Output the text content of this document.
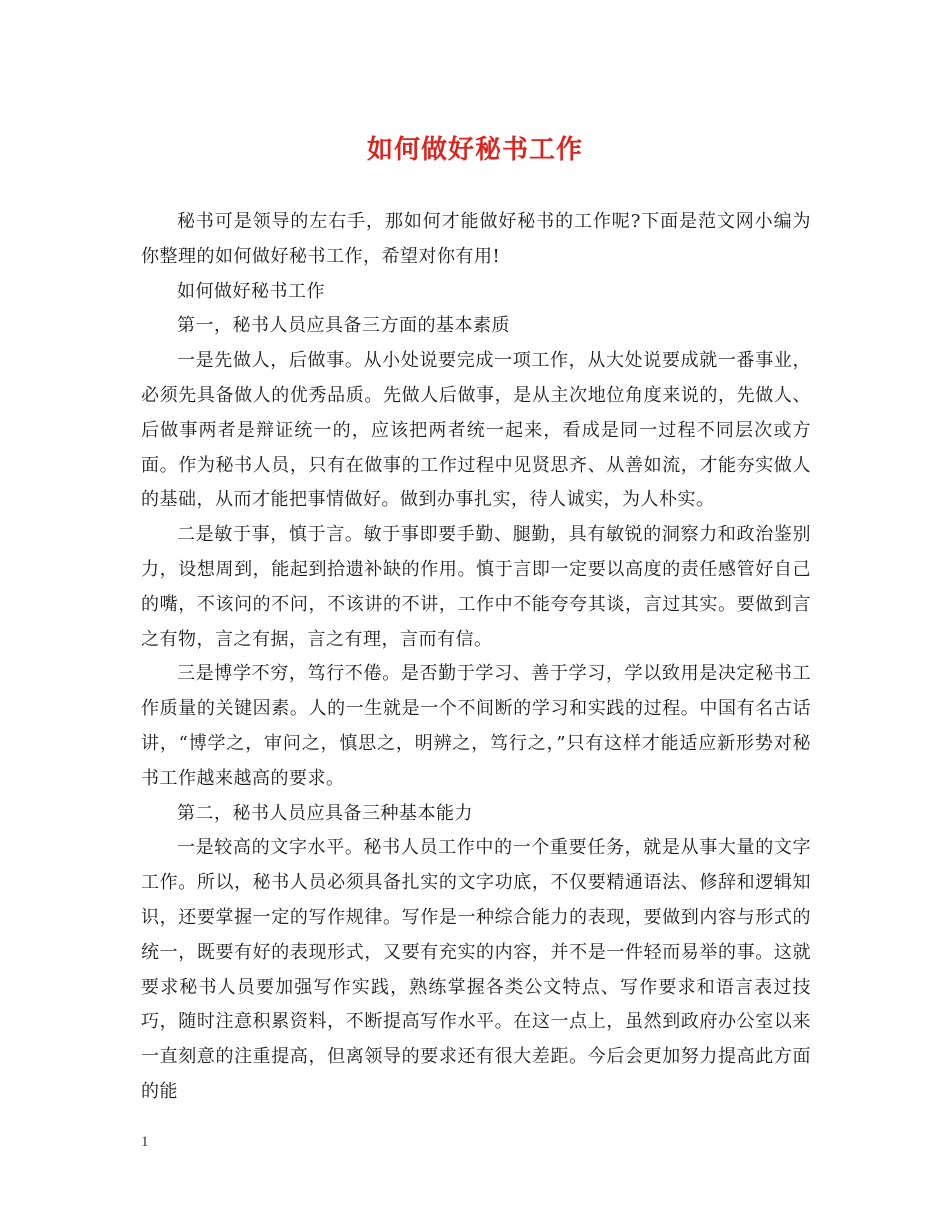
如何做好秘书工作

秘书可是领导的左右手，那如何才能做好秘书的工作呢?下面是范文网小编为你整理的如何做好秘书工作，希望对你有用!

如何做好秘书工作

第一，秘书人员应具备三方面的基本素质

一是先做人，后做事。从小处说要完成一项工作，从大处说要成就一番事业，必须先具备做人的优秀品质。先做人后做事，是从主次地位角度来说的，先做人、后做事两者是辩证统一的，应该把两者统一起来，看成是同一过程不同层次或方面。作为秘书人员，只有在做事的工作过程中见贤思齐、从善如流，才能夯实做人的基础，从而才能把事情做好。做到办事扎实，待人诚实，为人朴实。

二是敏于事，慎于言。敏于事即要手勤、腿勤，具有敏锐的洞察力和政治鉴别力，设想周到，能起到拾遗补缺的作用。慎于言即一定要以高度的责任感管好自己的嘴，不该问的不问，不该讲的不讲，工作中不能夸夸其谈，言过其实。要做到言之有物，言之有据，言之有理，言而有信。

三是博学不穷，笃行不倦。是否勤于学习、善于学习，学以致用是决定秘书工作质量的关键因素。人的一生就是一个不间断的学习和实践的过程。中国有名古话讲，“博学之，审问之，慎思之，明辨之，笃行之，”只有这样才能适应新形势对秘书工作越来越高的要求。

第二，秘书人员应具备三种基本能力

一是较高的文字水平。秘书人员工作中的一个重要任务，就是从事大量的文字工作。所以，秘书人员必须具备扎实的文字功底，不仅要精通语法、修辞和逻辑知识，还要掌握一定的写作规律。写作是一种综合能力的表现，要做到内容与形式的统一，既要有好的表现形式，又要有充实的内容，并不是一件轻而易举的事。这就要求秘书人员要加强写作实践，熟练掌握各类公文特点、写作要求和语言表过技巧，随时注意积累资料，不断提高写作水平。在这一点上，虽然到政府办公室以来一直刻意的注重提高，但离领导的要求还有很大差距。今后会更加努力提高此方面的能

1
